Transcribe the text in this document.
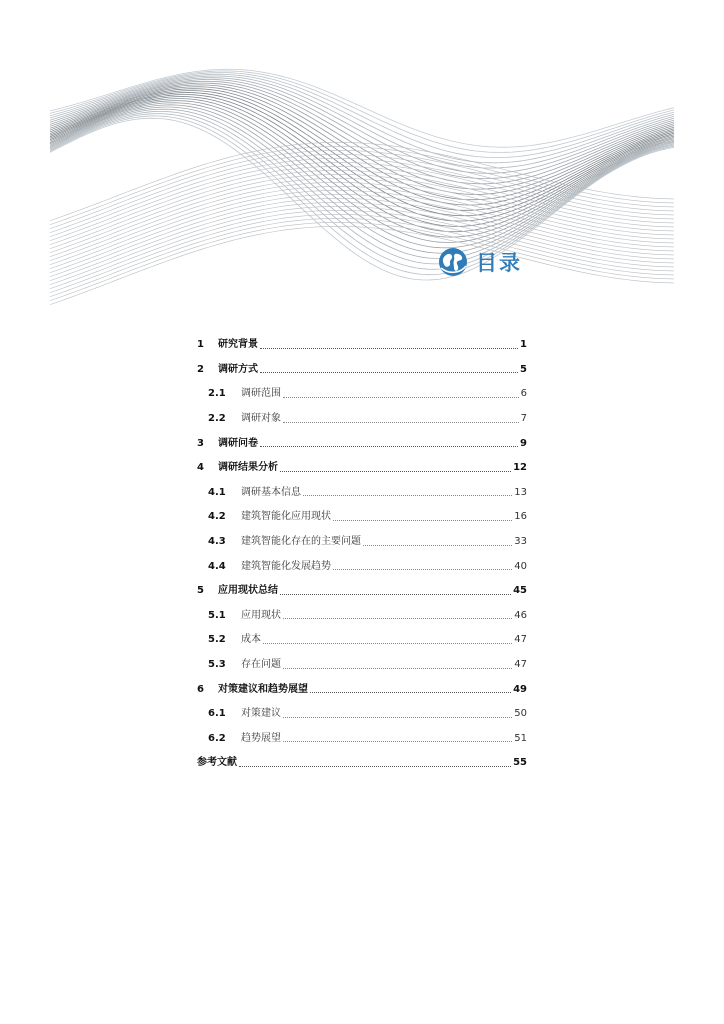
目录
1	研究背景	1
2	调研方式	5
2.1	调研范围	6
2.2	调研对象	7
3	调研问卷	9
4	调研结果分析	12
4.1	调研基本信息	13
4.2	建筑智能化应用现状	16
4.3	建筑智能化存在的主要问题	33
4.4	建筑智能化发展趋势	40
5	应用现状总结	45
5.1	应用现状	46
5.2	成本	47
5.3	存在问题	47
6	对策建议和趋势展望	49
6.1	对策建议	50
6.2	趋势展望	51
参考文献	55
